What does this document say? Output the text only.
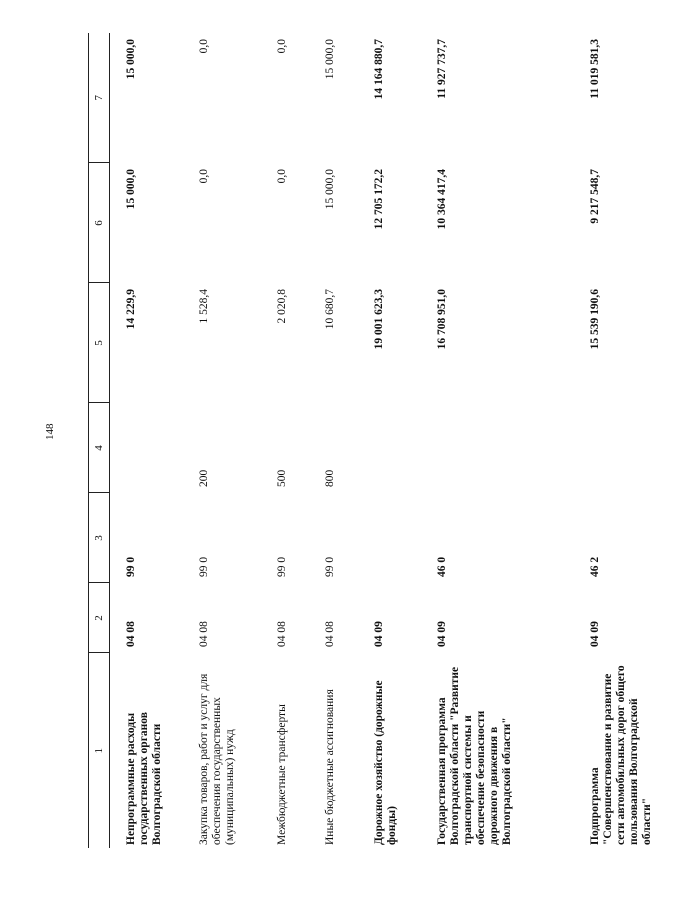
148
1	2	3	4	5	6	7
Непрограммные расходы государственных органов Волгоградской области	04 08	99 0		14 229,9	15 000,0	15 000,0
Закупка товаров, работ и услуг для обеспечения государственных (муниципальных) нужд	04 08	99 0	200	1 528,4	0,0	0,0
Межбюджетные трансферты	04 08	99 0	500	2 020,8	0,0	0,0
Иные бюджетные ассигнования	04 08	99 0	800	10 680,7	15 000,0	15 000,0
Дорожное хозяйство (дорожные фонды)	04 09			19 001 623,3	12 705 172,2	14 164 880,7
Государственная программа Волгоградской области "Развитие транспортной системы и обеспечение безопасности дорожного движения в Волгоградской области"	04 09	46 0		16 708 951,0	10 364 417,4	11 927 737,7
Подпрограмма "Совершенствование и развитие сети автомобильных дорог общего пользования Волгоградской области"	04 09	46 2		15 539 190,6	9 217 548,7	11 019 581,3
